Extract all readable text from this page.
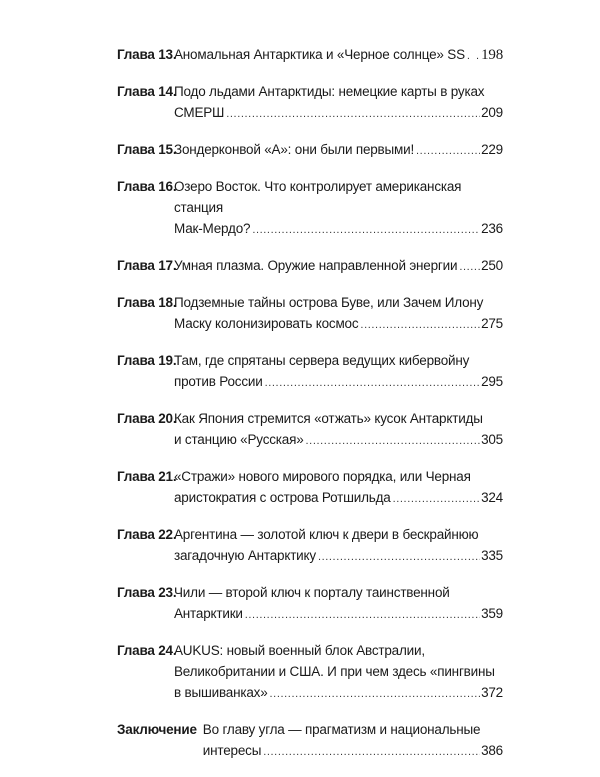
Глава 13.
Аномальная Антарктика и «Черное солнце» SS . . . 198
Глава 14.

Подо льдами Антарктиды: немецкие карты в руках

СМЕРШ .....	209
Глава 15.
Зондерконвой «А»: они были первыми! .....	229
Глава 16.

Озеро Восток. Что контролирует американская станция

Мак-Мердо? .....	236
Глава 17.
Умная плазма. Оружие направленной энергии ..... 250
Глава 18.

Подземные тайны острова Буве, или Зачем Илону

Маску колонизировать космос .....	275
Глава 19.

Там, где спрятаны сервера ведущих кибервойну

против России .....	295
Глава 20.

Как Япония стремится «отжать» кусок Антарктиды

и станцию «Русская» .....	305
Глава 21.

«Стражи» нового мирового порядка, или Черная

аристократия с острова Ротшильда .....	324
Глава 22.

Аргентина — золотой ключ к двери в бескрайнюю

загадочную Антарктику .....	335
Глава 23.

Чили — второй ключ к порталу таинственной

Антарктики .....	359
Глава 24.

AUKUS: новый военный блок Австралии,

Великобритании и США. И при чем здесь «пингвины

в вышиванках» .....	372
Заключение Во главу угла — прагматизм и национальные

интересы .....	386
